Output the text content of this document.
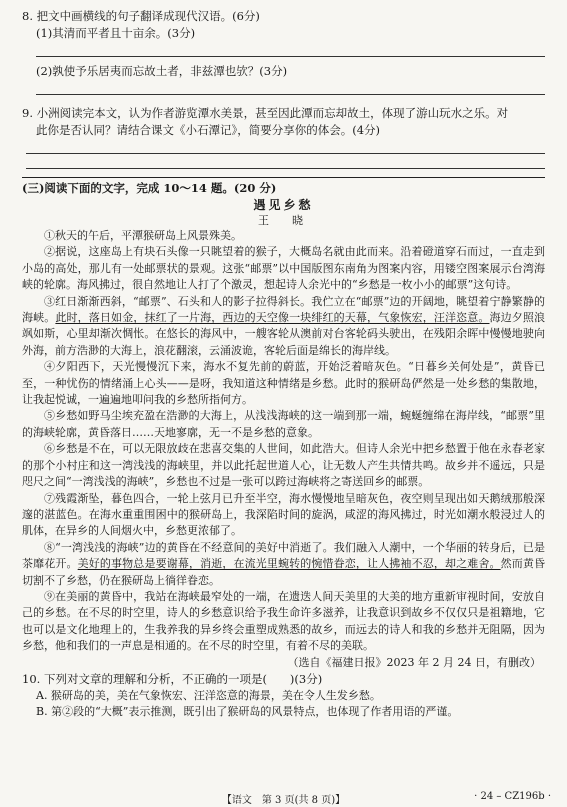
8. 把文中画横线的句子翻译成现代汉语。(6分)

(1)其清而平者且十亩余。(3分)

(2)孰使予乐居夷而忘故土者，非兹潭也欤？(3分)

9. 小洲阅读完本文，认为作者游览潭水美景，甚至因此潭而忘却故土，体现了游山玩水之乐。对

此你是否认同？请结合课文《小石潭记》，简要分享你的体会。(4分)

(三)阅读下面的文字，完成 10～14 题。(20 分)
遇见乡愁
王　晓

①秋天的午后，平潭猴研岛上风景殊美。

②据说，这座岛上有块石头像一只眺望着的猴子，大概岛名就由此而来。沿着磴道穿石而过，一直走到小岛的高处，那儿有一处邮票状的景观。这张“邮票”以中国版图东南角为图案内容，用镂空图案展示台湾海峡的轮廓。海风拂过，很自然地让人打了个激灵，想起诗人余光中的“乡愁是一枚小小的邮票”这句诗。

③红日渐渐西斜，“邮票”、石头和人的影子拉得斜长。我伫立在“邮票”边的开阔地，眺望着宁静繁静的海峡。此时，落日如金，抹红了一片海，西边的天空像一块绯红的天幕，气象恢宏，汪洋恣意。海边夕照浪飒如斯，心里却渐次惆怅。在悠长的海风中，一艘客轮从澳前对台客轮码头驶出，在残阳余晖中慢慢地驶向外海，前方浩渺的大海上，浪花翻滚，云涌波诡，客轮后面是绵长的海岸线。

④夕阳西下，天光慢慢沉下来，海水不复先前的蔚蓝，开始泛着暗灰色。“日暮乡关何处是”，黄昏已至，一种忧伤的情绪涌上心头——是呀，我知道这种情绪是乡愁。此时的猴研岛俨然是一处乡愁的集散地，让我起悦诚，一遍遍地叩问我的乡愁所指何方。

⑤乡愁如野马尘埃充盈在浩渺的大海上，从浅浅海峡的这一端到那一端，蜿蜒缠绵在海岸线，“邮票”里的海峡轮廓，黄昏落日……天地寥廓，无一不是乡愁的意象。

⑥乡愁是不在，可以无限放歧在悲喜交集的人世间，如此浩大。但诗人余光中把乡愁置于他在永春老家的那个小村庄和这一湾浅浅的海峡里，并以此托起世道人心，让无数人产生共情共鸣。故乡并不遥远，只是咫尺之间“一湾浅浅的海峡”，乡愁也不过是一张可以跨过海峡将之寄送回乡的邮票。

⑦残霞渐坠，暮色四合，一轮上弦月已升至半空，海水慢慢地呈暗灰色，夜空则呈现出如天鹅绒那般深邃的湛蓝色。在海水重重围困中的猴研岛上，我深陷时间的旋涡，咸涩的海风拂过，时光如潮水般浸过人的肌体，在异乡的人间烟火中，乡愁更浓郁了。

⑧“一湾浅浅的海峡”边的黄昏在不经意间的美好中消逝了。我们融入人潮中，一个华丽的转身后，已是茶靡花开。美好的事物总是要谢幕，消逝，在流光里蜿转的惋惜眷恋，让人拂袖不忍，却之难舍。然而黄昏切割不了乡愁，仍在猴研岛上徜徉眷恋。

⑨在美丽的黄昏中，我站在海峡最窄处的一端，在遗迭人间天美里的大美的地方重新审视时间，安放自己的乡愁。在不尽的时空里，诗人的乡愁意识给予我生命许多滋养，让我意识到故乡不仅仅只是祖籍地，它也可以是文化地理上的，生我养我的异乡终会重塑成熟悉的故乡，而远去的诗人和我的乡愁并无阻隔，因为乡愁，他和我们的一声息是相通的。在不尽的时空里，有着不尽的美联。

（选自《福建日报》2023 年 2 月 24 日，有删改）

10. 下列对文章的理解和分析，不正确的一项是(　　)(3分)

A. 猴研岛的美，美在气象恢宏、汪洋恣意的海景，美在令人生发乡愁。

B. 第②段的“大概”表示推测，既引出了猴研岛的风景特点，也体现了作者用语的严谨。

【语文　第 3 页(共 8 页)】	· 24 – CZ196b ·
